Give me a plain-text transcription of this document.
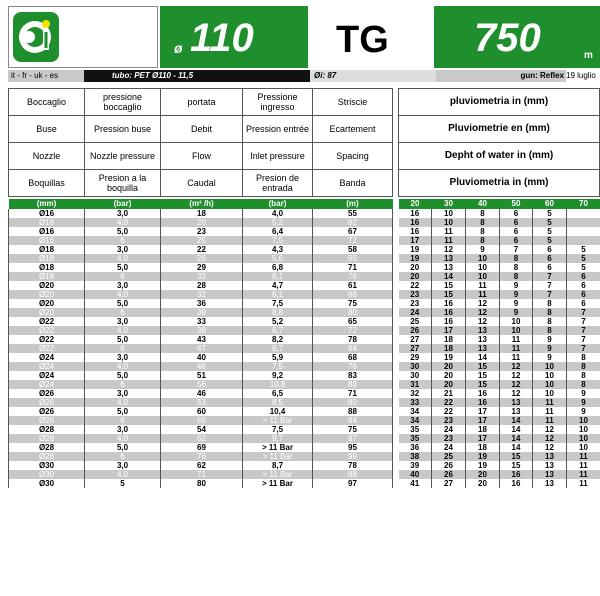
ø 110 TG 750	m
it - fr - uk - es	tubo: PET Ø110 - 11,5	Øi: 87	gun: Reflex 19 luglio
Boccaglio	pressione boccaglio	portata	Pressione ingresso	Striscie
Buse	Pression buse	Debit	Pression entrée	Ecartement
Nozzle	Nozzle pressure	Flow	Inlet pressure	Spacing
Boquillas	Presion a la boquilla	Caudal	Presion de entrada	Banda
pluviometria in (mm)
Pluviometrie en (mm)
Depht of water in (mm)
Pluviometria in (mm)
(mm)	(bar)	(m³ /h)	(bar)	(m)		20	30	40	50	60	70
Ø16	3,0	18	4,0	55		16	10	8	6	5	
Ø16	4,0	20	5,2	62		16	10	8	6	5	
Ø16	5,0	23	6,4	67		16	11	8	6	5	
Ø16	6	25	7,5	72		17	11	8	6	5	
Ø18	3,0	22	4,3	58		19	12	9	7	6	5
Ø18	4,0	26	5,6	65		19	13	10	8	6	5
Ø18	5,0	29	6,8	71		20	13	10	8	6	5
Ø18	6	32	8,1	76		20	14	10	8	7	6
Ø20	3,0	28	4,7	61		22	15	11	9	7	6
Ø20	4,0	32	6,1	68		23	15	11	9	7	6
Ø20	5,0	36	7,5	75		23	16	12	9	8	6
Ø20	6	39	8,8	80		24	16	12	9	8	7
Ø22	3,0	33	5,2	65		25	16	12	10	8	7
Ø22	4,0	38	6,7	72		26	17	13	10	8	7
Ø22	5,0	43	8,2	78		27	18	13	11	9	7
Ø22	6	47	9,7	84		27	18	13	11	9	7
Ø24	3,0	40	5,9	68		29	19	14	11	9	8
Ø24	4,0	46	7,5	76		30	20	15	12	10	8
Ø24	5,0	51	9,2	83		30	20	15	12	10	8
Ø24	6	56	10,8	88		31	20	15	12	10	8
Ø26	3,0	46	6,5	71		32	21	16	12	10	9
Ø26	4,0	53	8,5	80		33	22	16	13	11	9
Ø26	5,0	60	10,4	88		34	22	17	13	11	9
Ø26	6	66	> 11 Bar	94		34	23	17	14	11	10
Ø28	3,0	54	7,5	75		35	24	18	14	12	10
Ø28	4,0	62	9,7	87		35	23	17	14	12	10
Ø28	5,0	69	> 11 Bar	95		36	24	18	14	12	10
Ø28	6	76	> 11 Bar	99		38	25	19	15	13	11
Ø30	3,0	62	8,7	78		39	26	19	15	13	11
Ø30	4,0	71	> 11 Bar	88		40	26	20	16	13	11
Ø30	5	80	> 11 Bar	97		41	27	20	16	13	11
